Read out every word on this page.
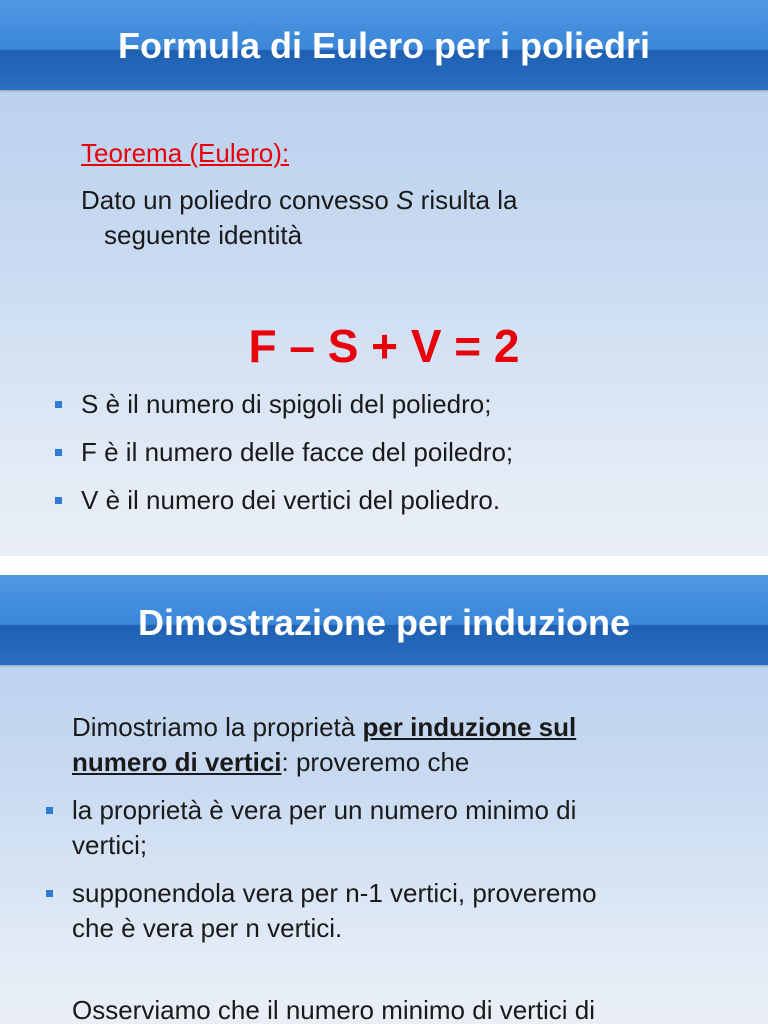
Formula di Eulero per i poliedri
Teorema (Eulero):
Dato un poliedro convesso S risulta la
seguente identità
F – S + V = 2
S è il numero di spigoli del poliedro;
F è il numero delle facce del poiledro;
V è il numero dei vertici del poliedro.
Dimostrazione per induzione
Dimostriamo la proprietà per induzione sul
numero di vertici: proveremo che
la proprietà è vera per un numero minimo di
vertici;
supponendola vera per n-1 vertici, proveremo
che è vera per n vertici.
Osserviamo che il numero minimo di vertici di
